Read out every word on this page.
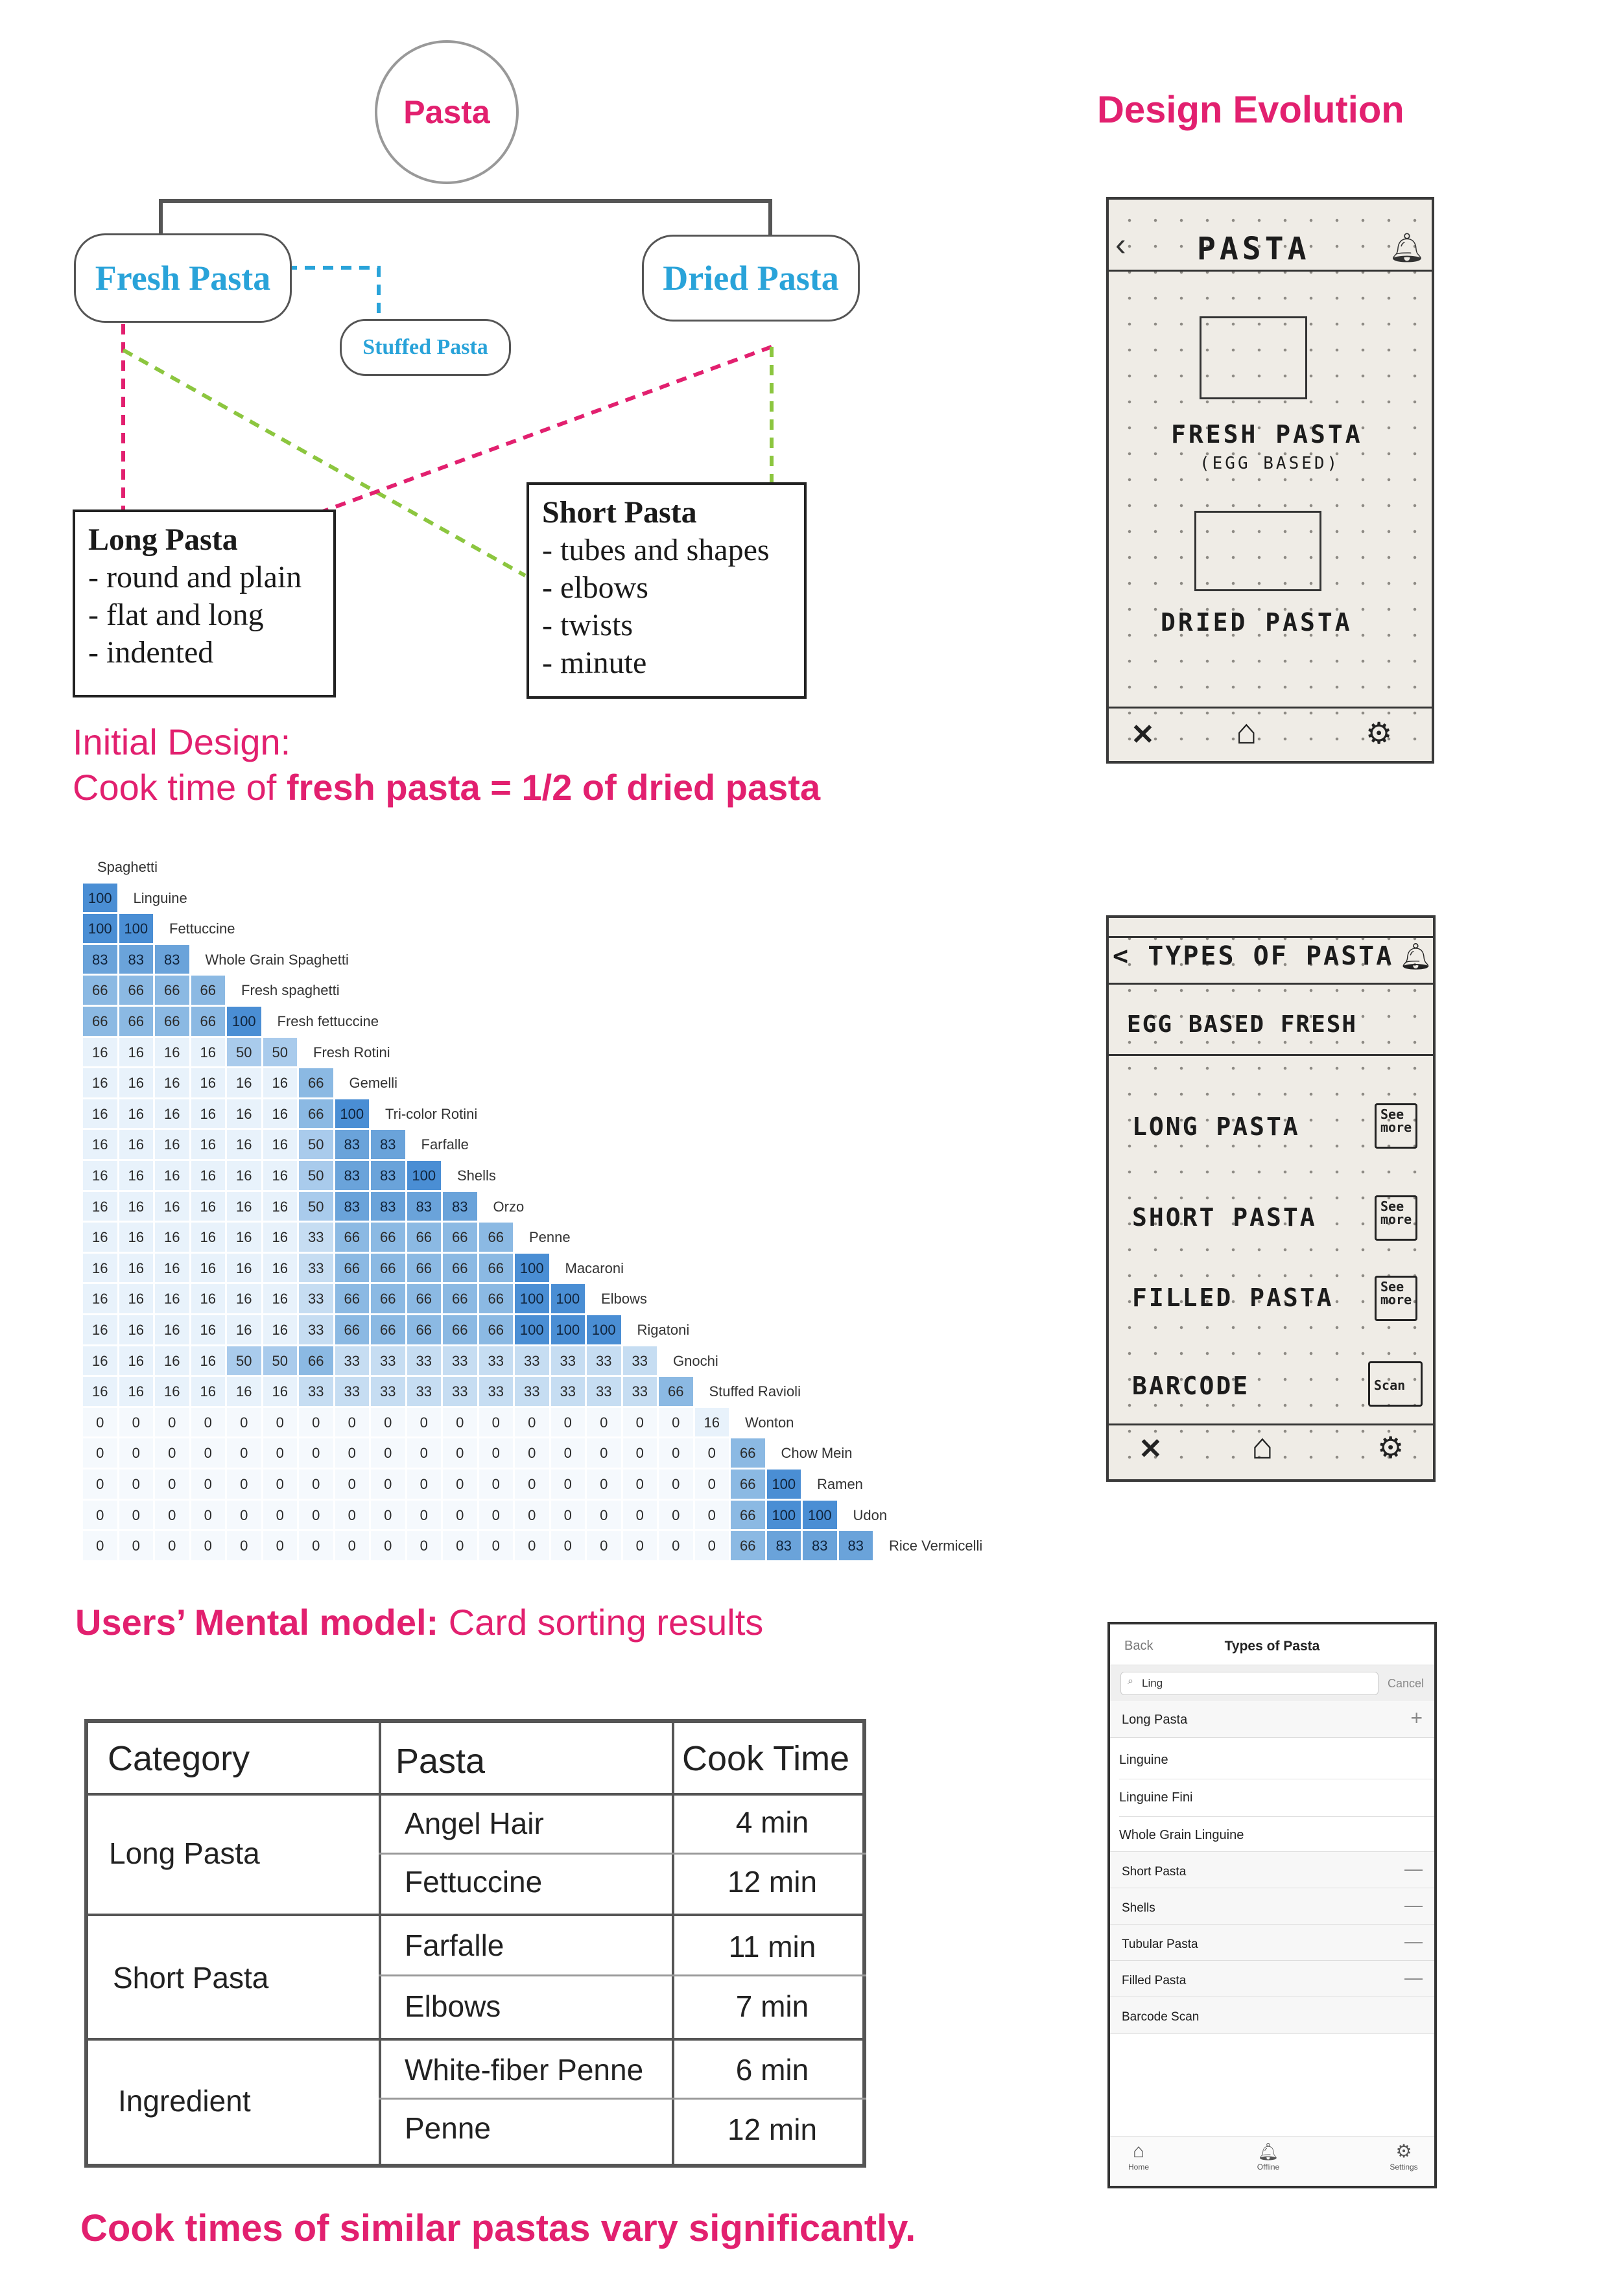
Pasta
Fresh Pasta	Dried Pasta
Stuffed Pasta
Long Pasta
- round and plain
- flat and long
- indented
Short Pasta
- tubes and shapes
- elbows
- twists
- minute
Initial Design:
Cook time of fresh pasta = 1/2 of dried pasta
Design Evolution
‹ PASTA	🔔︎
FRESH PASTA
(EGG BASED)
DRIED PASTA
✕ ⌂	⚙
< TYPES OF PASTA 🔔︎
EGG BASED FRESH
LONG PASTA	See more
SHORT PASTA	See more
FILLED PASTA	See more
BARCODE	Scan
✕ ⌂	⚙
Back	Types of Pasta
⌕ Ling	Cancel
Long Pasta	+
Linguine
Linguine Fini
Whole Grain Linguine
Short Pasta	—
Shells	—
Tubular Pasta	—
Filled Pasta	—
Barcode Scan
⌂
Home
🔔︎
Offline
⚙
Settings
Spaghetti
100	Linguine
100 100	Fettuccine
83	83	83	Whole Grain Spaghetti
66	66	66	66	Fresh spaghetti
66	66	66	66	100	Fresh fettuccine
16	16	16	16	50	50	Fresh Rotini
16	16	16	16	16	16	66	Gemelli
16	16	16	16	16	16	66	100	Tri-color Rotini
16	16	16	16	16	16	50	83	83	Farfalle
16	16	16	16	16	16	50	83	83	100	Shells
16	16	16	16	16	16	50	83	83	83	83	Orzo
16	16	16	16	16	16	33	66	66	66	66	66	Penne
16	16	16	16	16	16	33	66	66	66	66	66	100	Macaroni
16	16	16	16	16	16	33	66	66	66	66	66	100 100	Elbows
16	16	16	16	16	16	33	66	66	66	66	66	100 100 100	Rigatoni
16	16	16	16	50	50	66	33	33	33	33	33	33	33	33	33	Gnochi
16	16	16	16	16	16	33	33	33	33	33	33	33	33	33	33	66	Stuffed Ravioli
0	0	0	0	0	0	0	0	0	0	0	0	0	0	0	0	0	16	Wonton
0	0	0	0	0	0	0	0	0	0	0	0	0	0	0	0	0	0	66	Chow Mein
0	0	0	0	0	0	0	0	0	0	0	0	0	0	0	0	0	0	66	100	Ramen
0	0	0	0	0	0	0	0	0	0	0	0	0	0	0	0	0	0	66	100 100	Udon
0	0	0	0	0	0	0	0	0	0	0	0	0	0	0	0	0	0	66	83	83	83	Rice Vermicelli
Users’ Mental model: Card sorting results
Category	Pasta	Cook Time
Long Pasta
Angel Hair	4 min
Fettuccine	12 min
Short Pasta
Farfalle	11 min
Elbows	7 min
Ingredient
White-fiber Penne	6 min
Penne	12 min
Cook times of similar pastas vary significantly.
